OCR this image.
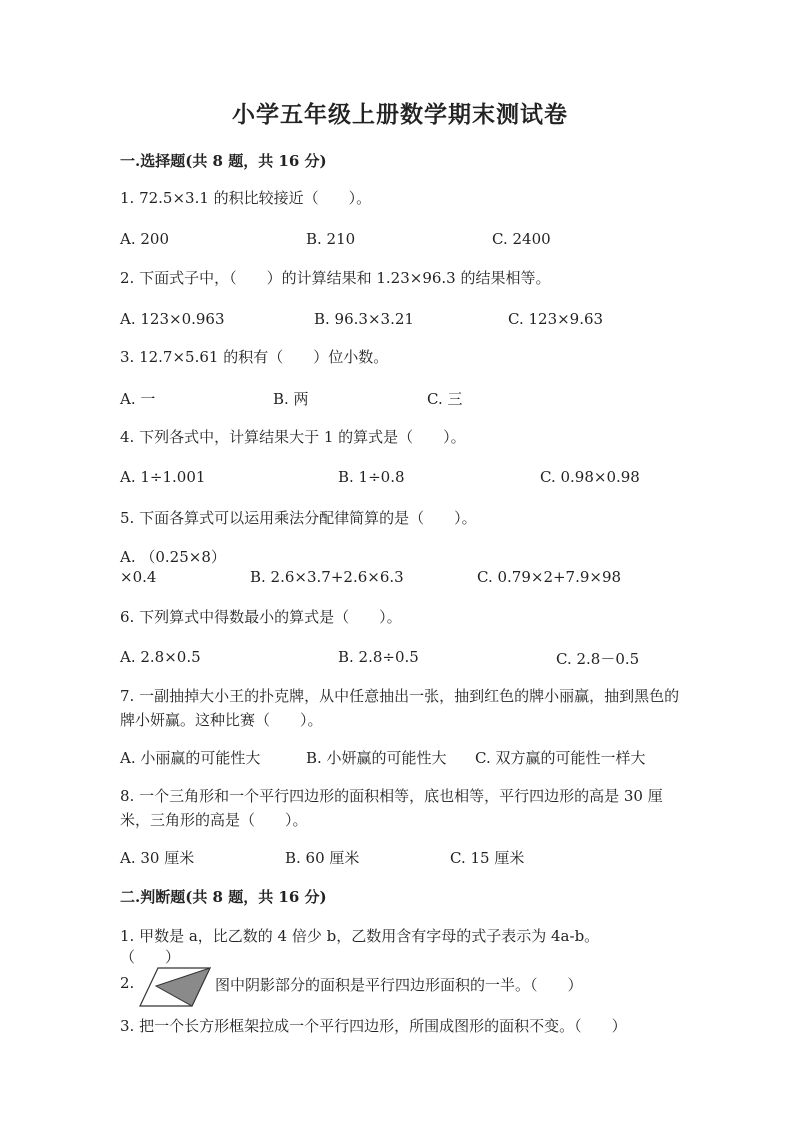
小学五年级上册数学期末测试卷
一.选择题(共 8 题，共 16 分)
1. 72.5×3.1 的积比较接近（　　）。
A. 200	B. 210	C. 2400
2. 下面式子中，（　　）的计算结果和 1.23×96.3 的结果相等。
A. 123×0.963	B. 96.3×3.21	C. 123×9.63
3. 12.7×5.61 的积有（　　）位小数。
A. 一	B. 两	C. 三
4. 下列各式中，计算结果大于 1 的算式是（　　）。
A. 1÷1.001	B. 1÷0.8	C. 0.98×0.98
5. 下面各算式可以运用乘法分配律简算的是（　　）。
A. （0.25×8）
×0.4	B. 2.6×3.7+2.6×6.3	C. 0.79×2+7.9×98
6. 下列算式中得数最小的算式是（　　）。
A. 2.8×0.5	B. 2.8÷0.5	C. 2.8－0.5
7. 一副抽掉大小王的扑克牌，从中任意抽出一张，抽到红色的牌小丽赢，抽到黑色的牌小妍赢。这种比赛（　　）。
A. 小丽赢的可能性大	B. 小妍赢的可能性大 C. 双方赢的可能性一样大
8. 一个三角形和一个平行四边形的面积相等，底也相等，平行四边形的高是 30 厘米，三角形的高是（　　）。
A. 30 厘米	B. 60 厘米	C. 15 厘米
二.判断题(共 8 题，共 16 分)
1. 甲数是 a，比乙数的 4 倍少 b，乙数用含有字母的式子表示为 4a-b。
（　　）
2.	图中阴影部分的面积是平行四边形面积的一半。（　　）
3. 把一个长方形框架拉成一个平行四边形，所围成图形的面积不变。（　　）
